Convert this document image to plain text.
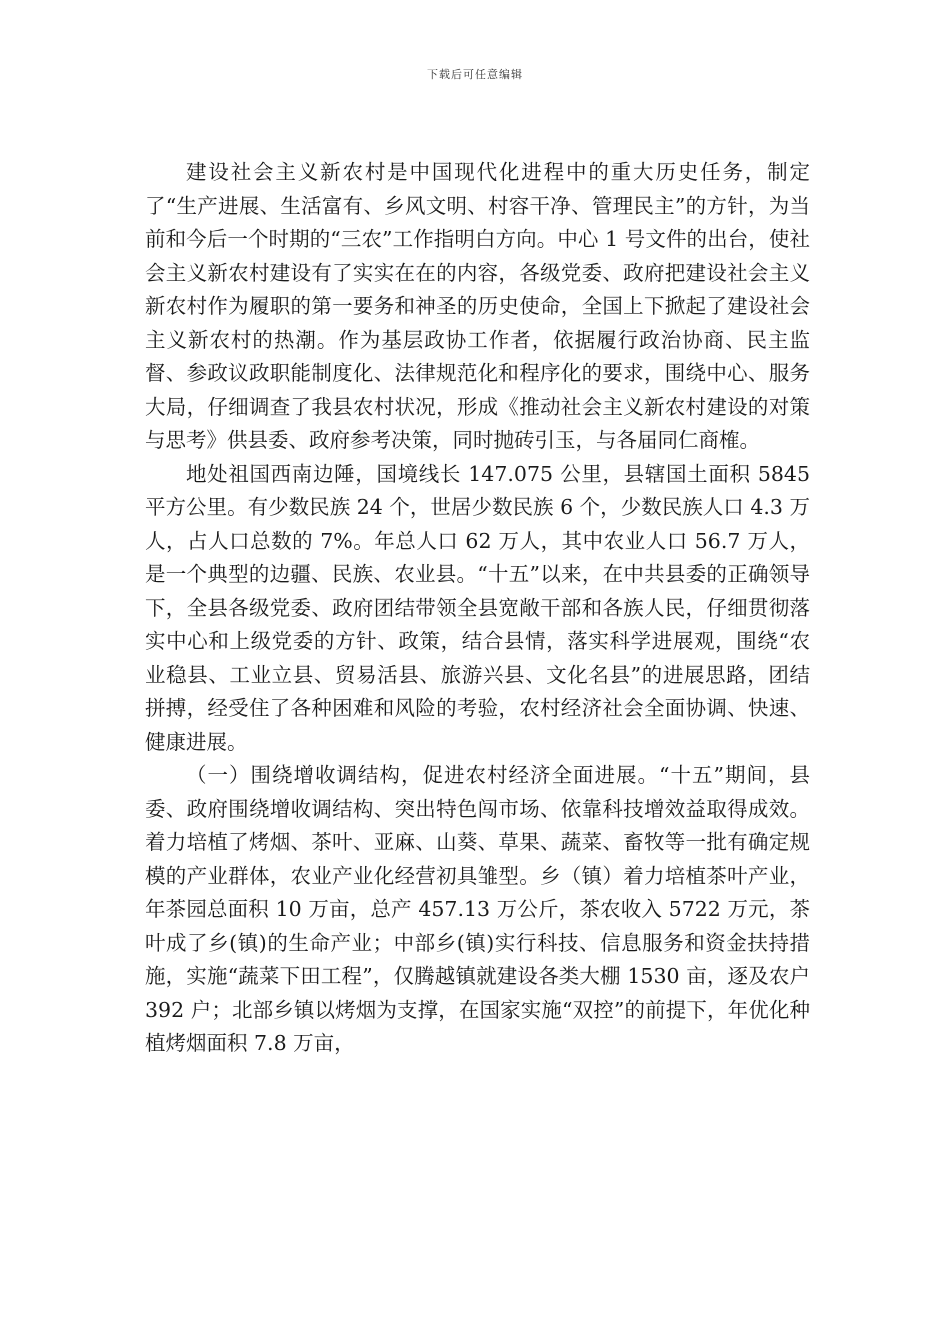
下载后可任意编辑

建设社会主义新农村是中国现代化进程中的重大历史任务，制定了“生产进展、生活富有、乡风文明、村容干净、管理民主”的方针，为当前和今后一个时期的“三农”工作指明白方向。中心 1 号文件的出台，使社会主义新农村建设有了实实在在的内容，各级党委、政府把建设社会主义新农村作为履职的第一要务和神圣的历史使命，全国上下掀起了建设社会主义新农村的热潮。作为基层政协工作者，依据履行政治协商、民主监督、参政议政职能制度化、法律规范化和程序化的要求，围绕中心、服务大局，仔细调查了我县农村状况，形成《推动社会主义新农村建设的对策与思考》供县委、政府参考决策，同时抛砖引玉，与各届同仁商榷。

地处祖国西南边陲，国境线长 147.075 公里，县辖国土面积 5845 平方公里。有少数民族 24 个，世居少数民族 6 个，少数民族人口 4.3 万人，占人口总数的 7%。年总人口 62 万人，其中农业人口 56.7 万人，是一个典型的边疆、民族、农业县。“十五”以来，在中共县委的正确领导下，全县各级党委、政府团结带领全县宽敞干部和各族人民，仔细贯彻落实中心和上级党委的方针、政策，结合县情，落实科学进展观，围绕“农业稳县、工业立县、贸易活县、旅游兴县、文化名县”的进展思路，团结拼搏，经受住了各种困难和风险的考验，农村经济社会全面协调、快速、健康进展。

（一）围绕增收调结构，促进农村经济全面进展。“十五”期间，县委、政府围绕增收调结构、突出特色闯市场、依靠科技增效益取得成效。着力培植了烤烟、茶叶、亚麻、山葵、草果、蔬菜、畜牧等一批有确定规模的产业群体，农业产业化经营初具雏型。乡（镇）着力培植茶叶产业，年茶园总面积 10 万亩，总产 457.13 万公斤，茶农收入 5722 万元，茶叶成了乡(镇)的生命产业；中部乡(镇)实行科技、信息服务和资金扶持措施，实施“蔬菜下田工程”，仅腾越镇就建设各类大棚 1530 亩，逐及农户 392 户；北部乡镇以烤烟为支撑，在国家实施“双控”的前提下，年优化种植烤烟面积 7.8 万亩，
